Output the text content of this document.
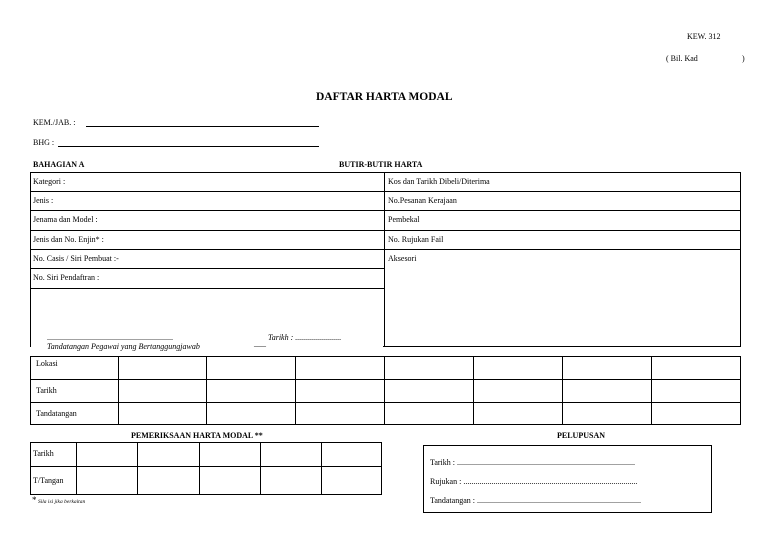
KEW. 312
( Bil. Kad	)
DAFTAR HARTA MODAL
KEM./JAB. :
BHG :
BAHAGIAN A	BUTIR-BUTIR HARTA
Kategori :
Jenis :
Jenama dan Model :
Jenis dan No. Enjin* :
No. Casis / Siri Pembuat :-
No. Siri Pendaftran :
Kos dan Tarikh Dibeli/Diterima
No.Pesanan Kerajaan
Pembekal
No. Rujukan Fail
Aksesori
...............................................................
Tandatangan Pegawai yang Bertanggungjawab
Tarikh : .......................
___
___
Lokasi
Tarikh
Tandatangan
PEMERIKSAAN HARTA MODAL **
Tarikh
T/Tangan
* Sila isi jika berkaitan
PELUPUSAN
Tarikh : .........................................................................................
Rujukan : .......................................................................................
Tandatangan : ..................................................................................
